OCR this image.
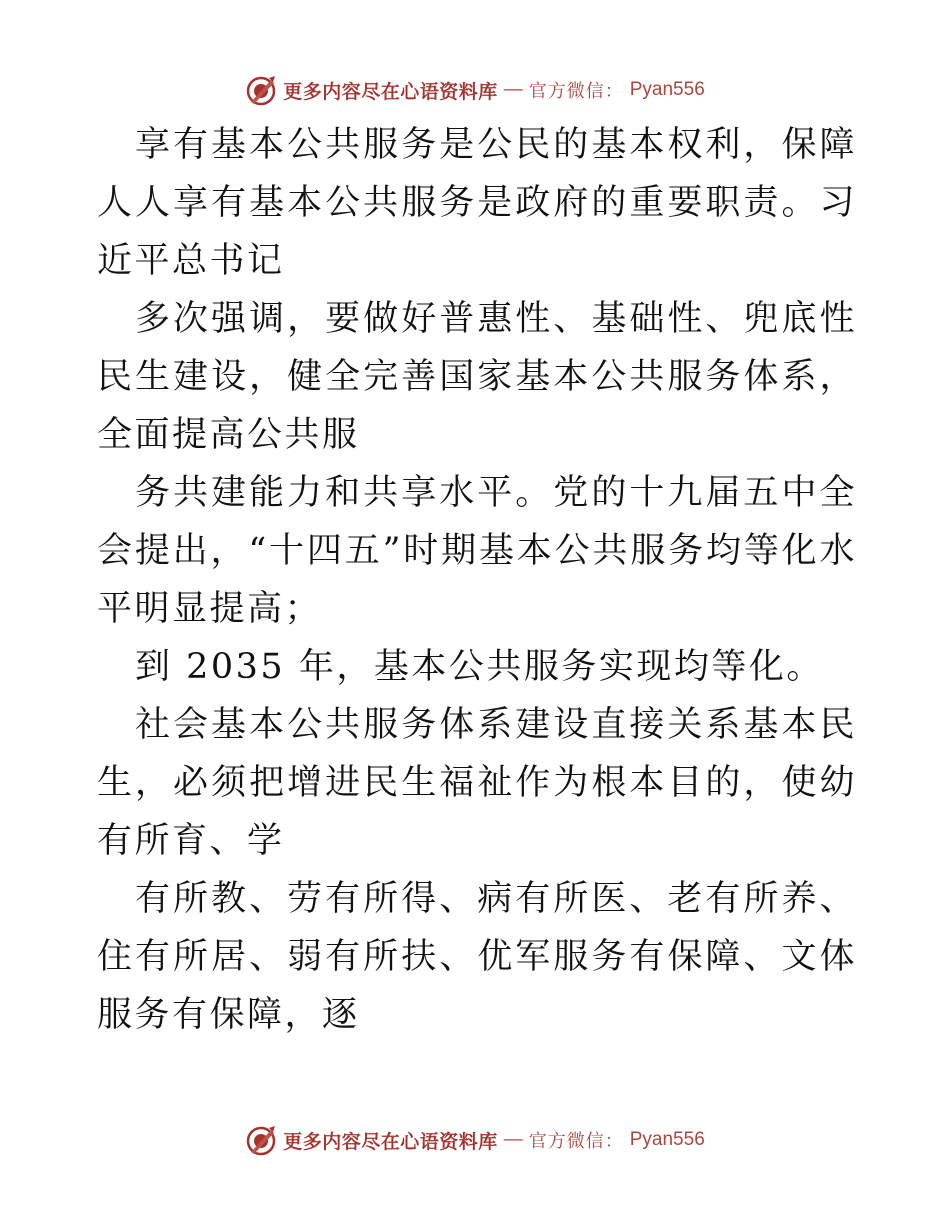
更多内容尽在心语资料库 — 官方微信： Pyan556

享有基本公共服务是公民的基本权利，保障人人享有基本公共服务是政府的重要职责。习近平总书记

多次强调，要做好普惠性、基础性、兜底性民生建设，健全完善国家基本公共服务体系，全面提高公共服

务共建能力和共享水平。党的十九届五中全会提出，“十四五”时期基本公共服务均等化水平明显提高；

到 2035 年，基本公共服务实现均等化。

社会基本公共服务体系建设直接关系基本民生，必须把增进民生福祉作为根本目的，使幼有所育、学

有所教、劳有所得、病有所医、老有所养、住有所居、弱有所扶、优军服务有保障、文体服务有保障，逐

更多内容尽在心语资料库 — 官方微信： Pyan556
